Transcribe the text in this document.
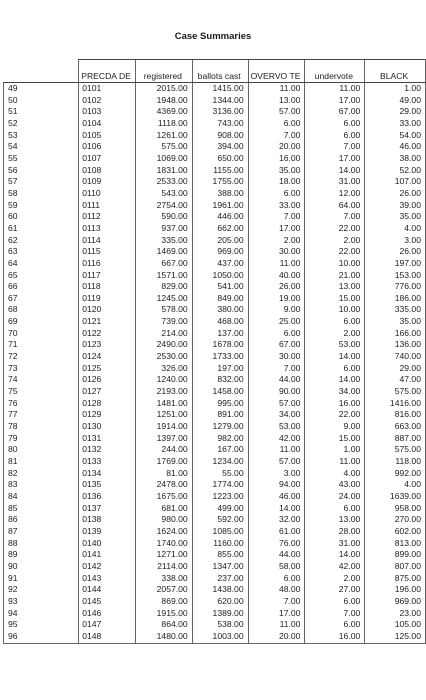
Case Summaries
	PRECDA DE	registered	ballots cast	OVERVO TE	undervote	BLACK
49	0101	2015.00	1415.00	11.00	11.00	1.00
50	0102	1948.00	1344.00	13.00	17.00	49.00
51	0103	4369.00	3136.00	57.00	67.00	29.00
52	0104	1118.00	743.00	6.00	6.00	33.00
53	0105	1261.00	908.00	7.00	6.00	54.00
54	0106	575.00	394.00	20.00	7.00	46.00
55	0107	1069.00	650.00	16.00	17.00	38.00
56	0108	1831.00	1155.00	35.00	14.00	52.00
57	0109	2533.00	1755.00	18.00	31.00	107.00
58	0110	543.00	388.00	6.00	12.00	26.00
59	0111	2754.00	1961.00	33.00	64.00	39.00
60	0112	590.00	446.00	7.00	7.00	35.00
61	0113	937.00	662.00	17.00	22.00	4.00
62	0114	335.00	205.00	2.00	2.00	3.00
63	0115	1469.00	969.00	30.00	22.00	26.00
64	0116	667.00	437.00	11.00	10.00	197.00
65	0117	1571.00	1050.00	40.00	21.00	153.00
66	0118	829.00	541.00	26.00	13.00	776.00
67	0119	1245.00	849.00	19.00	15.00	186.00
68	0120	578.00	380.00	9.00	10.00	335.00
69	0121	739.00	468.00	25.00	6.00	35.00
70	0122	214.00	137.00	6.00	2.00	166.00
71	0123	2490.00	1678.00	67.00	53.00	136.00
72	0124	2530.00	1733.00	30.00	14.00	740.00
73	0125	326.00	197.00	7.00	6.00	29.00
74	0126	1240.00	832.00	44.00	14.00	47.00
75	0127	2193.00	1458.00	90.00	34.00	575.00
76	0128	1481.00	995.00	57.00	16.00	1416.00
77	0129	1251.00	891.00	34.00	22.00	816.00
78	0130	1914.00	1279.00	53.00	9.00	663.00
79	0131	1397.00	982.00	42.00	15.00	887.00
80	0132	244.00	167.00	11.00	1.00	575.00
81	0133	1769.00	1234.00	57.00	11.00	118.00
82	0134	81.00	55.00	3.00	4.00	992.00
83	0135	2478.00	1774.00	94.00	43.00	4.00
84	0136	1675.00	1223.00	46.00	24.00	1639.00
85	0137	681.00	499.00	14.00	6.00	958.00
86	0138	980.00	592.00	32.00	13.00	270.00
87	0139	1624.00	1085.00	61.00	28.00	602.00
88	0140	1740.00	1160.00	76.00	31.00	813.00
89	0141	1271.00	855.00	44.00	14.00	899.00
90	0142	2114.00	1347.00	58.00	42.00	807.00
91	0143	338.00	237.00	6.00	2.00	875.00
92	0144	2057.00	1438.00	48.00	27.00	196.00
93	0145	869.00	620.00	7.00	6.00	969.00
94	0146	1915.00	1389.00	17.00	7.00	23.00
95	0147	864.00	538.00	11.00	6.00	105.00
96	0148	1480.00	1003.00	20.00	16.00	125.00
